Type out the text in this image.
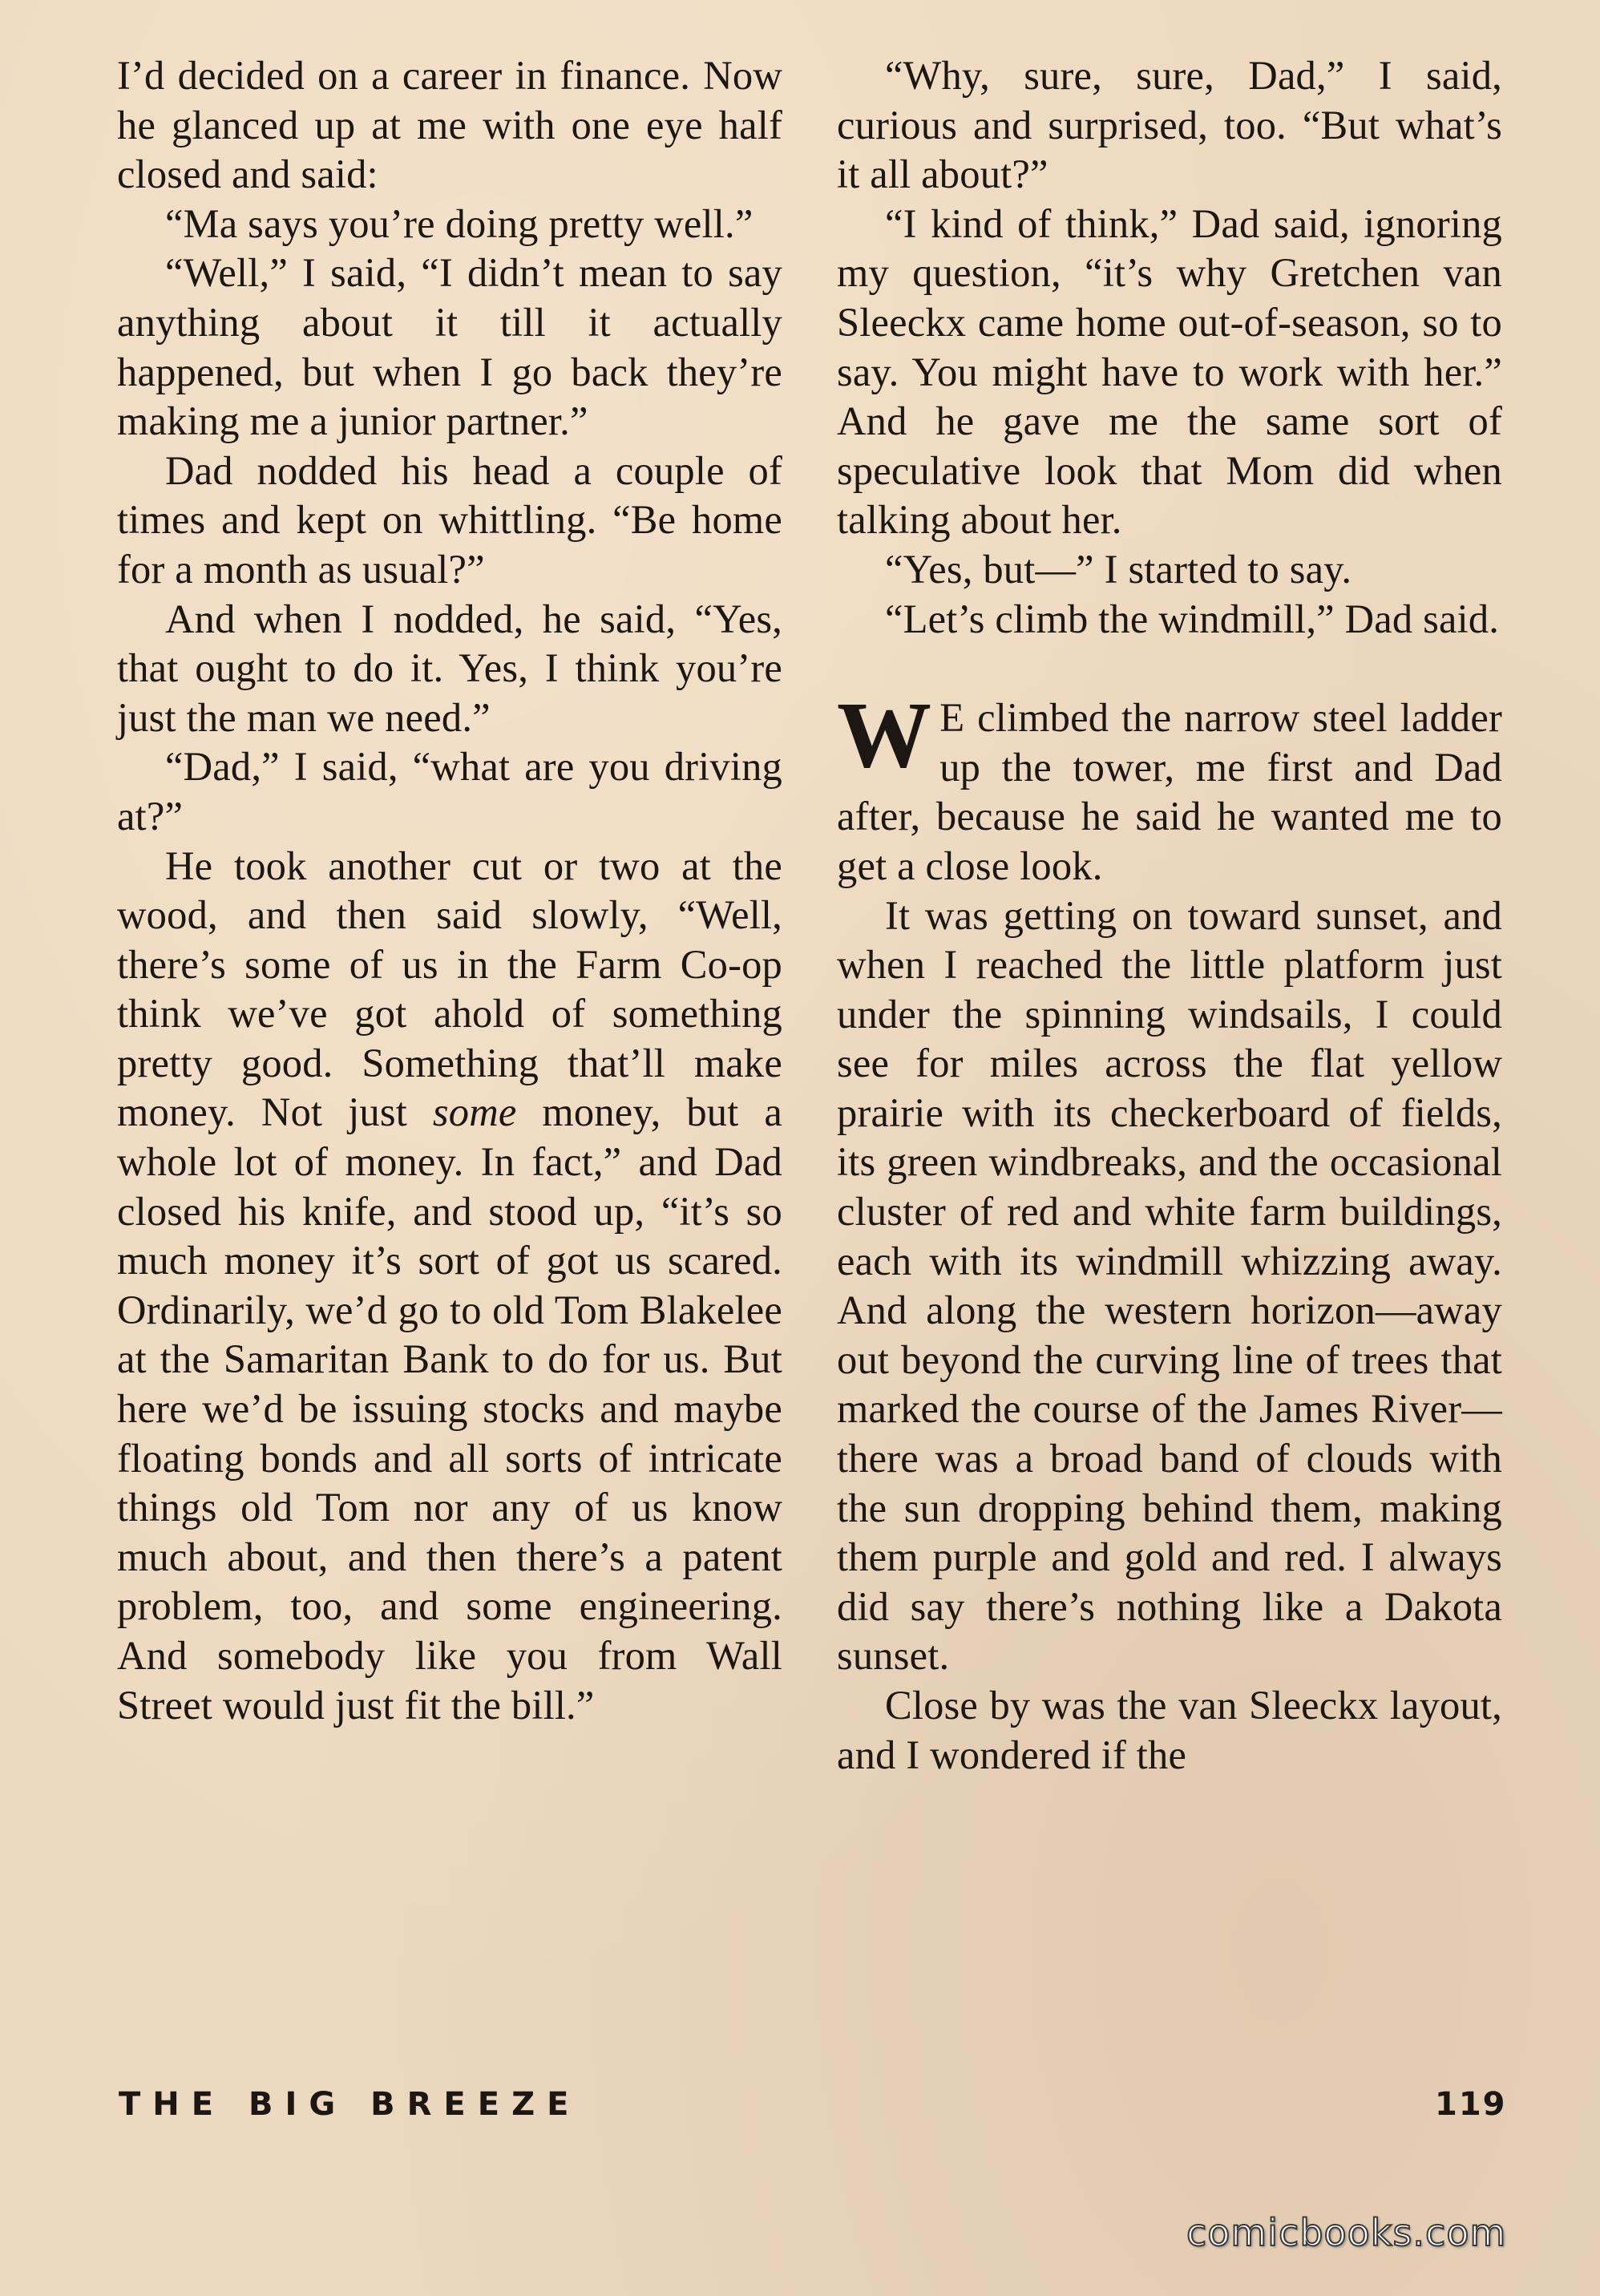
I’d decided on a career in finance. Now he glanced up at me with one eye half closed and said:

“Ma says you’re doing pretty well.”

“Well,” I said, “I didn’t mean to say anything about it till it actually happened, but when I go back they’re making me a junior partner.”

Dad nodded his head a couple of times and kept on whittling. “Be home for a month as usual?”

And when I nodded, he said, “Yes, that ought to do it. Yes, I think you’re just the man we need.”

“Dad,” I said, “what are you driving at?”

He took another cut or two at the wood, and then said slowly, “Well, there’s some of us in the Farm Co-op think we’ve got ahold of something pretty good. Something that’ll make money. Not just some money, but a whole lot of money. In fact,” and Dad closed his knife, and stood up, “it’s so much money it’s sort of got us scared. Ordinarily, we’d go to old Tom Blakelee at the Samaritan Bank to do for us. But here we’d be issuing stocks and maybe floating bonds and all sorts of intricate things old Tom nor any of us know much about, and then there’s a patent problem, too, and some engineering. And somebody like you from Wall Street would just fit the bill.”

“Why, sure, sure, Dad,” I said, curious and surprised, too. “But what’s it all about?”

“I kind of think,” Dad said, ignoring my question, “it’s why Gretchen van Sleeckx came home out-of-season, so to say. You might have to work with her.” And he gave me the same sort of speculative look that Mom did when talking about her.

“Yes, but—” I started to say.

“Let’s climb the windmill,” Dad said.

W E climbed the narrow steel ladder up the tower, me first and Dad after, because he said he wanted me to get a close look.

It was getting on toward sunset, and when I reached the little platform just under the spinning windsails, I could see for miles across the flat yellow prairie with its checkerboard of fields, its green windbreaks, and the occasional cluster of red and white farm buildings, each with its windmill whizzing away. And along the western horizon—away out beyond the curving line of trees that marked the course of the James River—there was a broad band of clouds with the sun dropping behind them, making them purple and gold and red. I always did say there’s nothing like a Dakota sunset.

Close by was the van Sleeckx layout, and I wondered if the

THE BIG BREEZE	119
comicbooks.com
